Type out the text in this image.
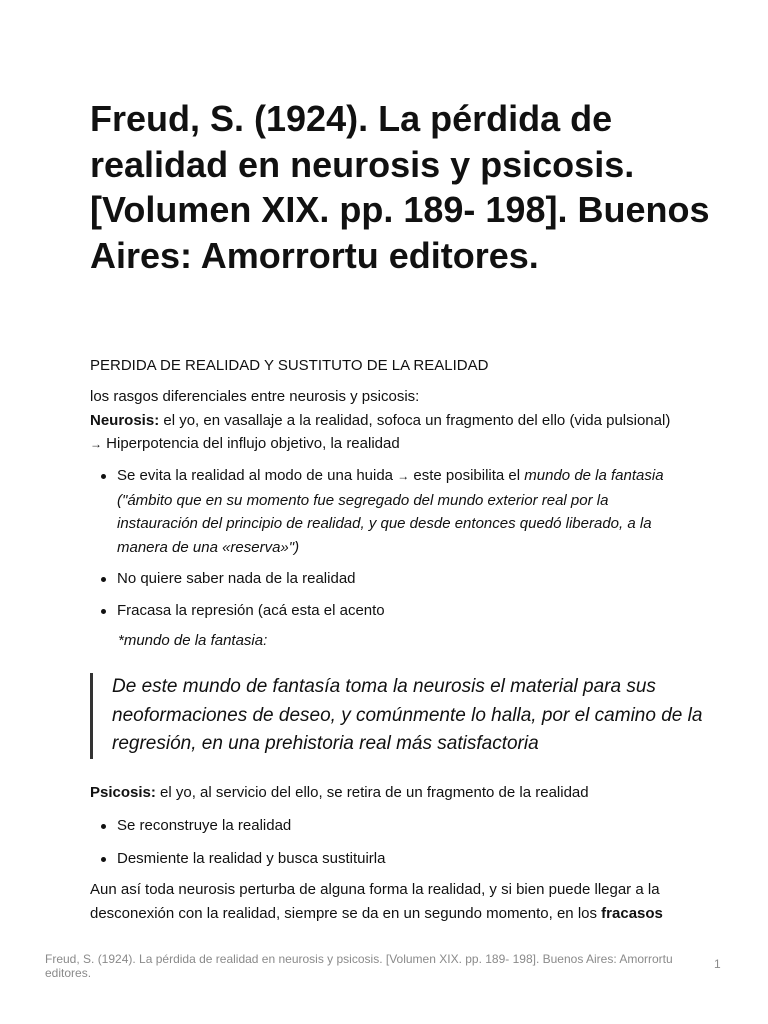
Freud, S. (1924). La pérdida de realidad en neurosis y psicosis. [Volumen XIX. pp. 189- 198]. Buenos Aires: Amorrortu editores.

PERDIDA DE REALIDAD Y SUSTITUTO DE LA REALIDAD

los rasgos diferenciales entre neurosis y psicosis:

Neurosis: el yo, en vasallaje a la realidad, sofoca un fragmento del ello (vida pulsional)

→ Hiperpotencia del influjo objetivo, la realidad

Se evita la realidad al modo de una huida → este posibilita el mundo de la fantasia ("ámbito que en su momento fue segregado del mundo exterior real por la instauración del principio de realidad, y que desde entonces quedó liberado, a la manera de una «reserva»")
No quiere saber nada de la realidad
Fracasa la represión (acá esta el acento

*mundo de la fantasia:

De este mundo de fantasía toma la neurosis el material para sus neoformaciones de deseo, y comúnmente lo halla, por el camino de la regresión, en una prehistoria real más satisfactoria

Psicosis: el yo, al servicio del ello, se retira de un fragmento de la realidad

Se reconstruye la realidad
Desmiente la realidad y busca sustituirla

Aun así toda neurosis perturba de alguna forma la realidad, y si bien puede llegar a la desconexión con la realidad, siempre se da en un segundo momento, en los fracasos

Freud, S. (1924). La pérdida de realidad en neurosis y psicosis. [Volumen XIX. pp. 189- 198]. Buenos Aires: Amorrortu editores.

1
